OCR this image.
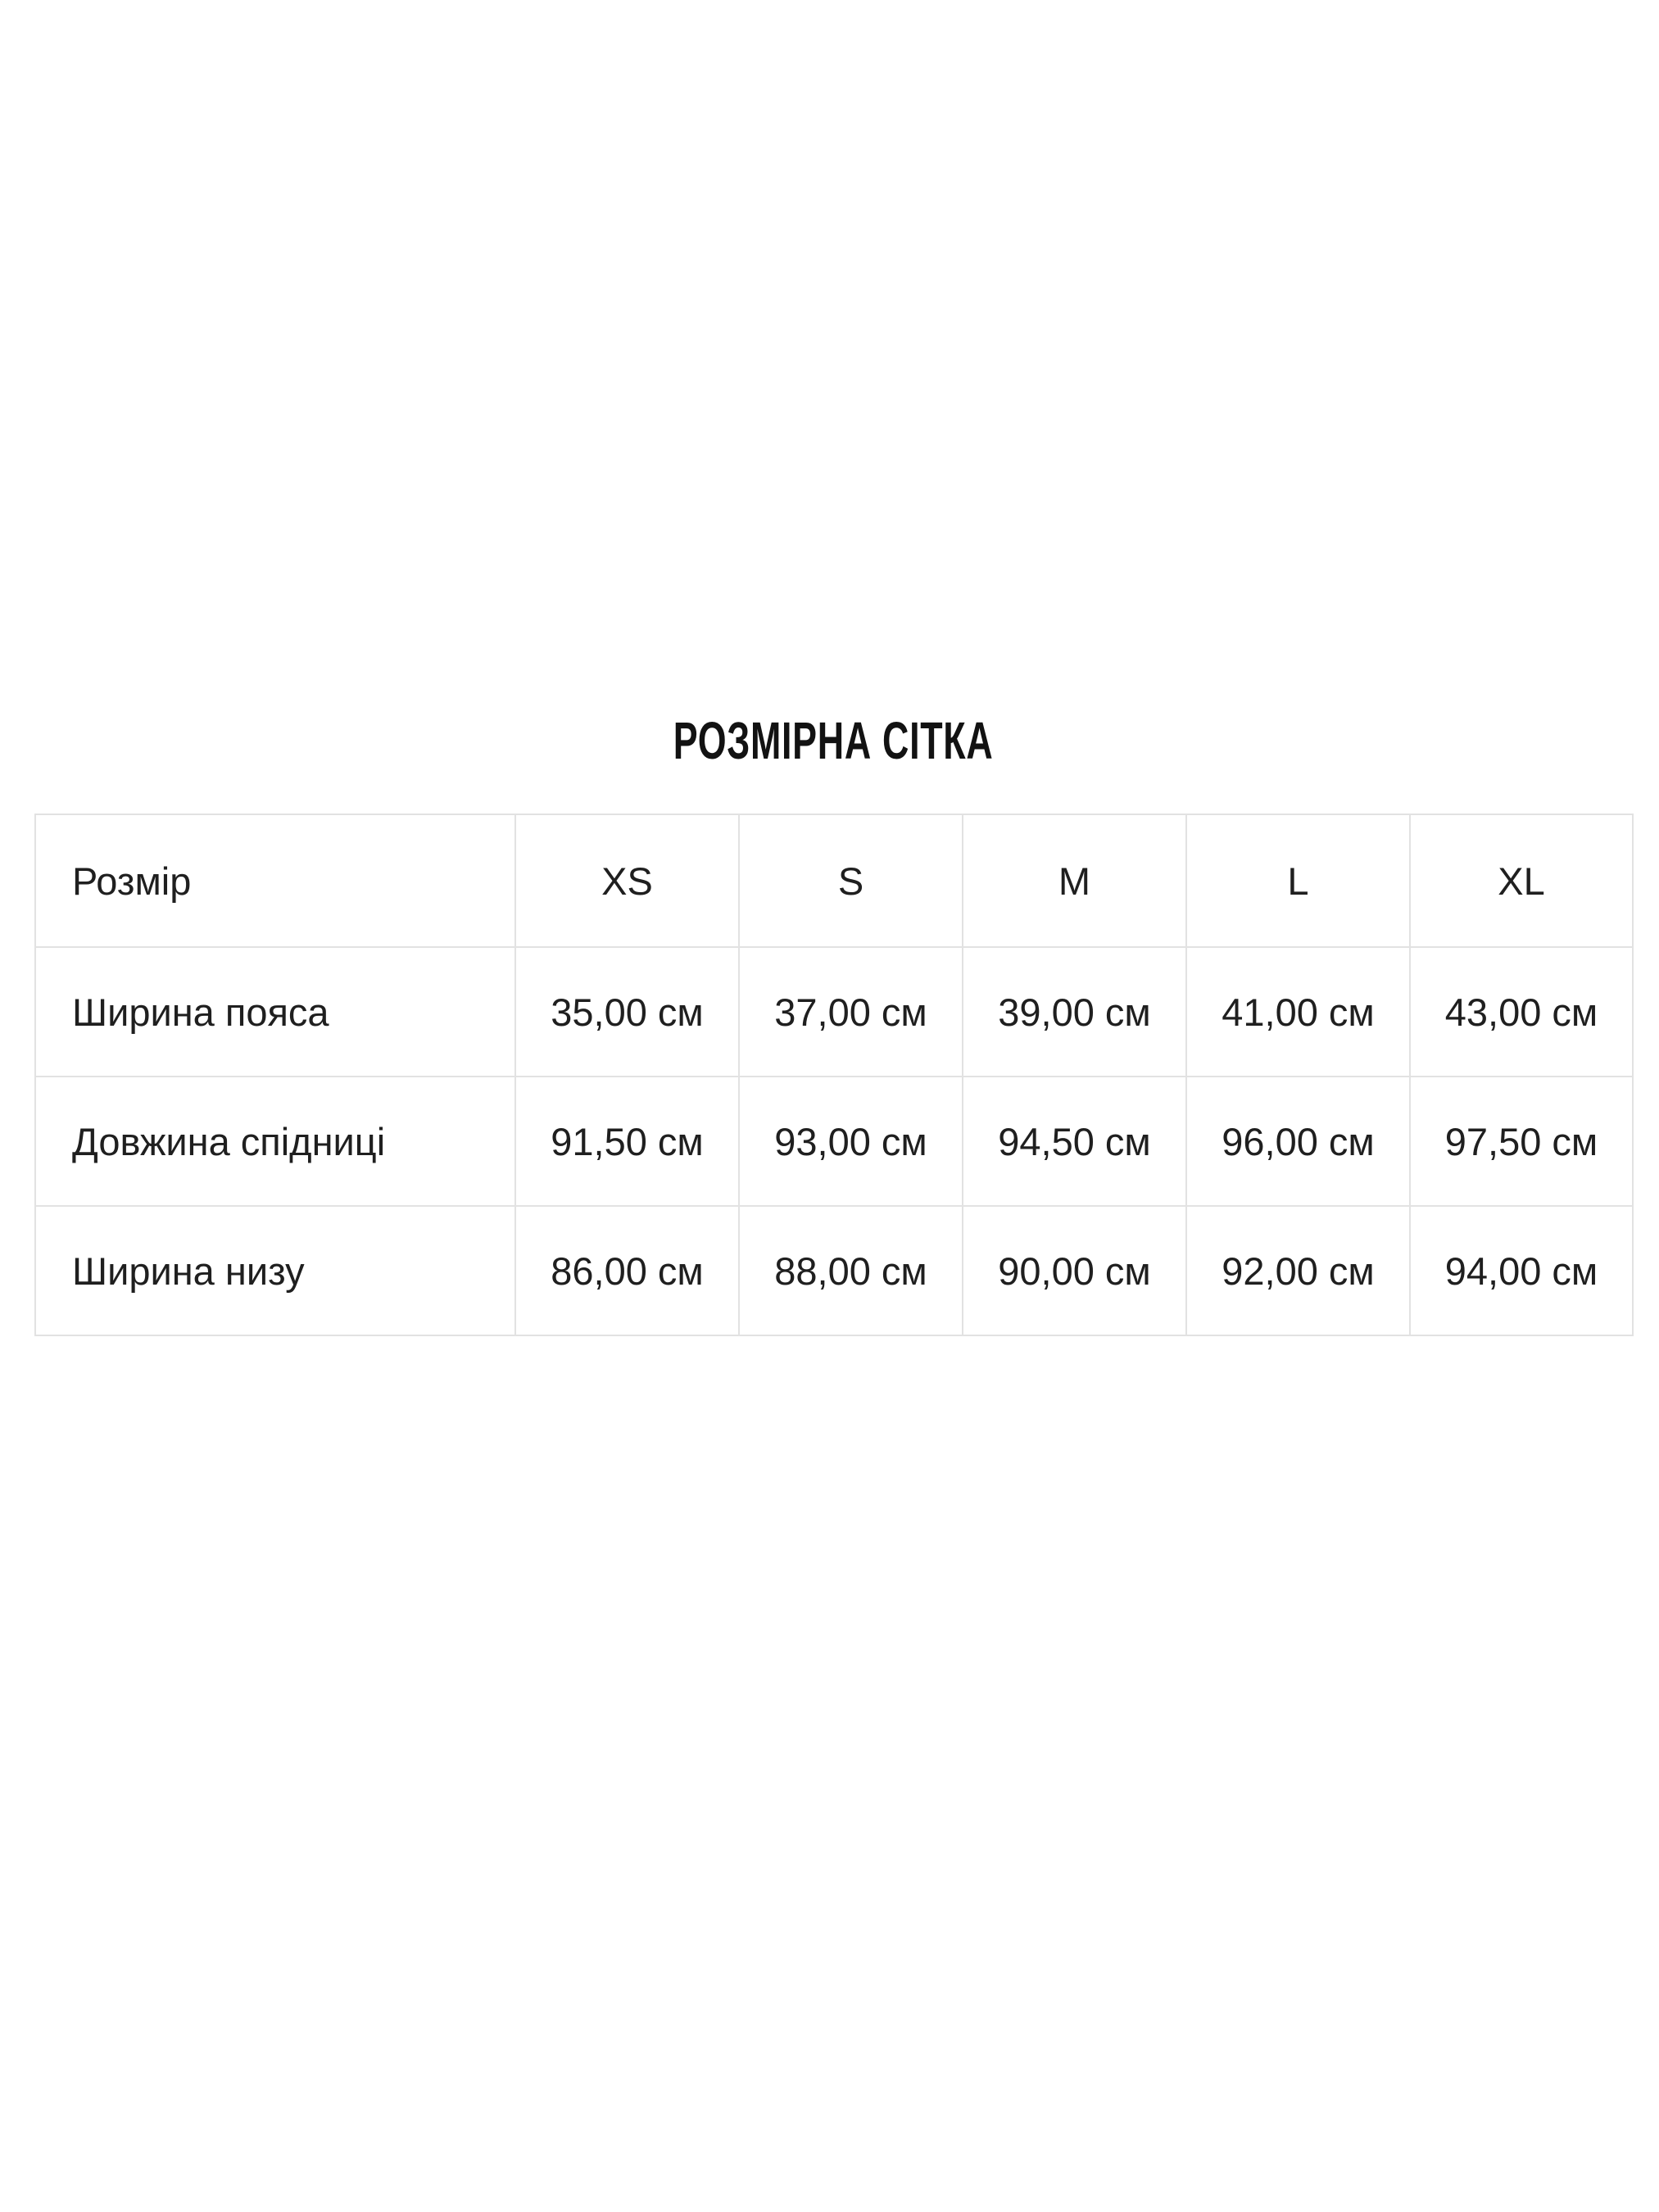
РОЗМІРНА СІТКА
Розмір	XS	S	M	L	XL
Ширина пояса	35,00 см	37,00 см	39,00 см	41,00 см	43,00 см
Довжина спідниці	91,50 см	93,00 см	94,50 см	96,00 см	97,50 см
Ширина низу	86,00 см	88,00 см	90,00 см	92,00 см	94,00 см
